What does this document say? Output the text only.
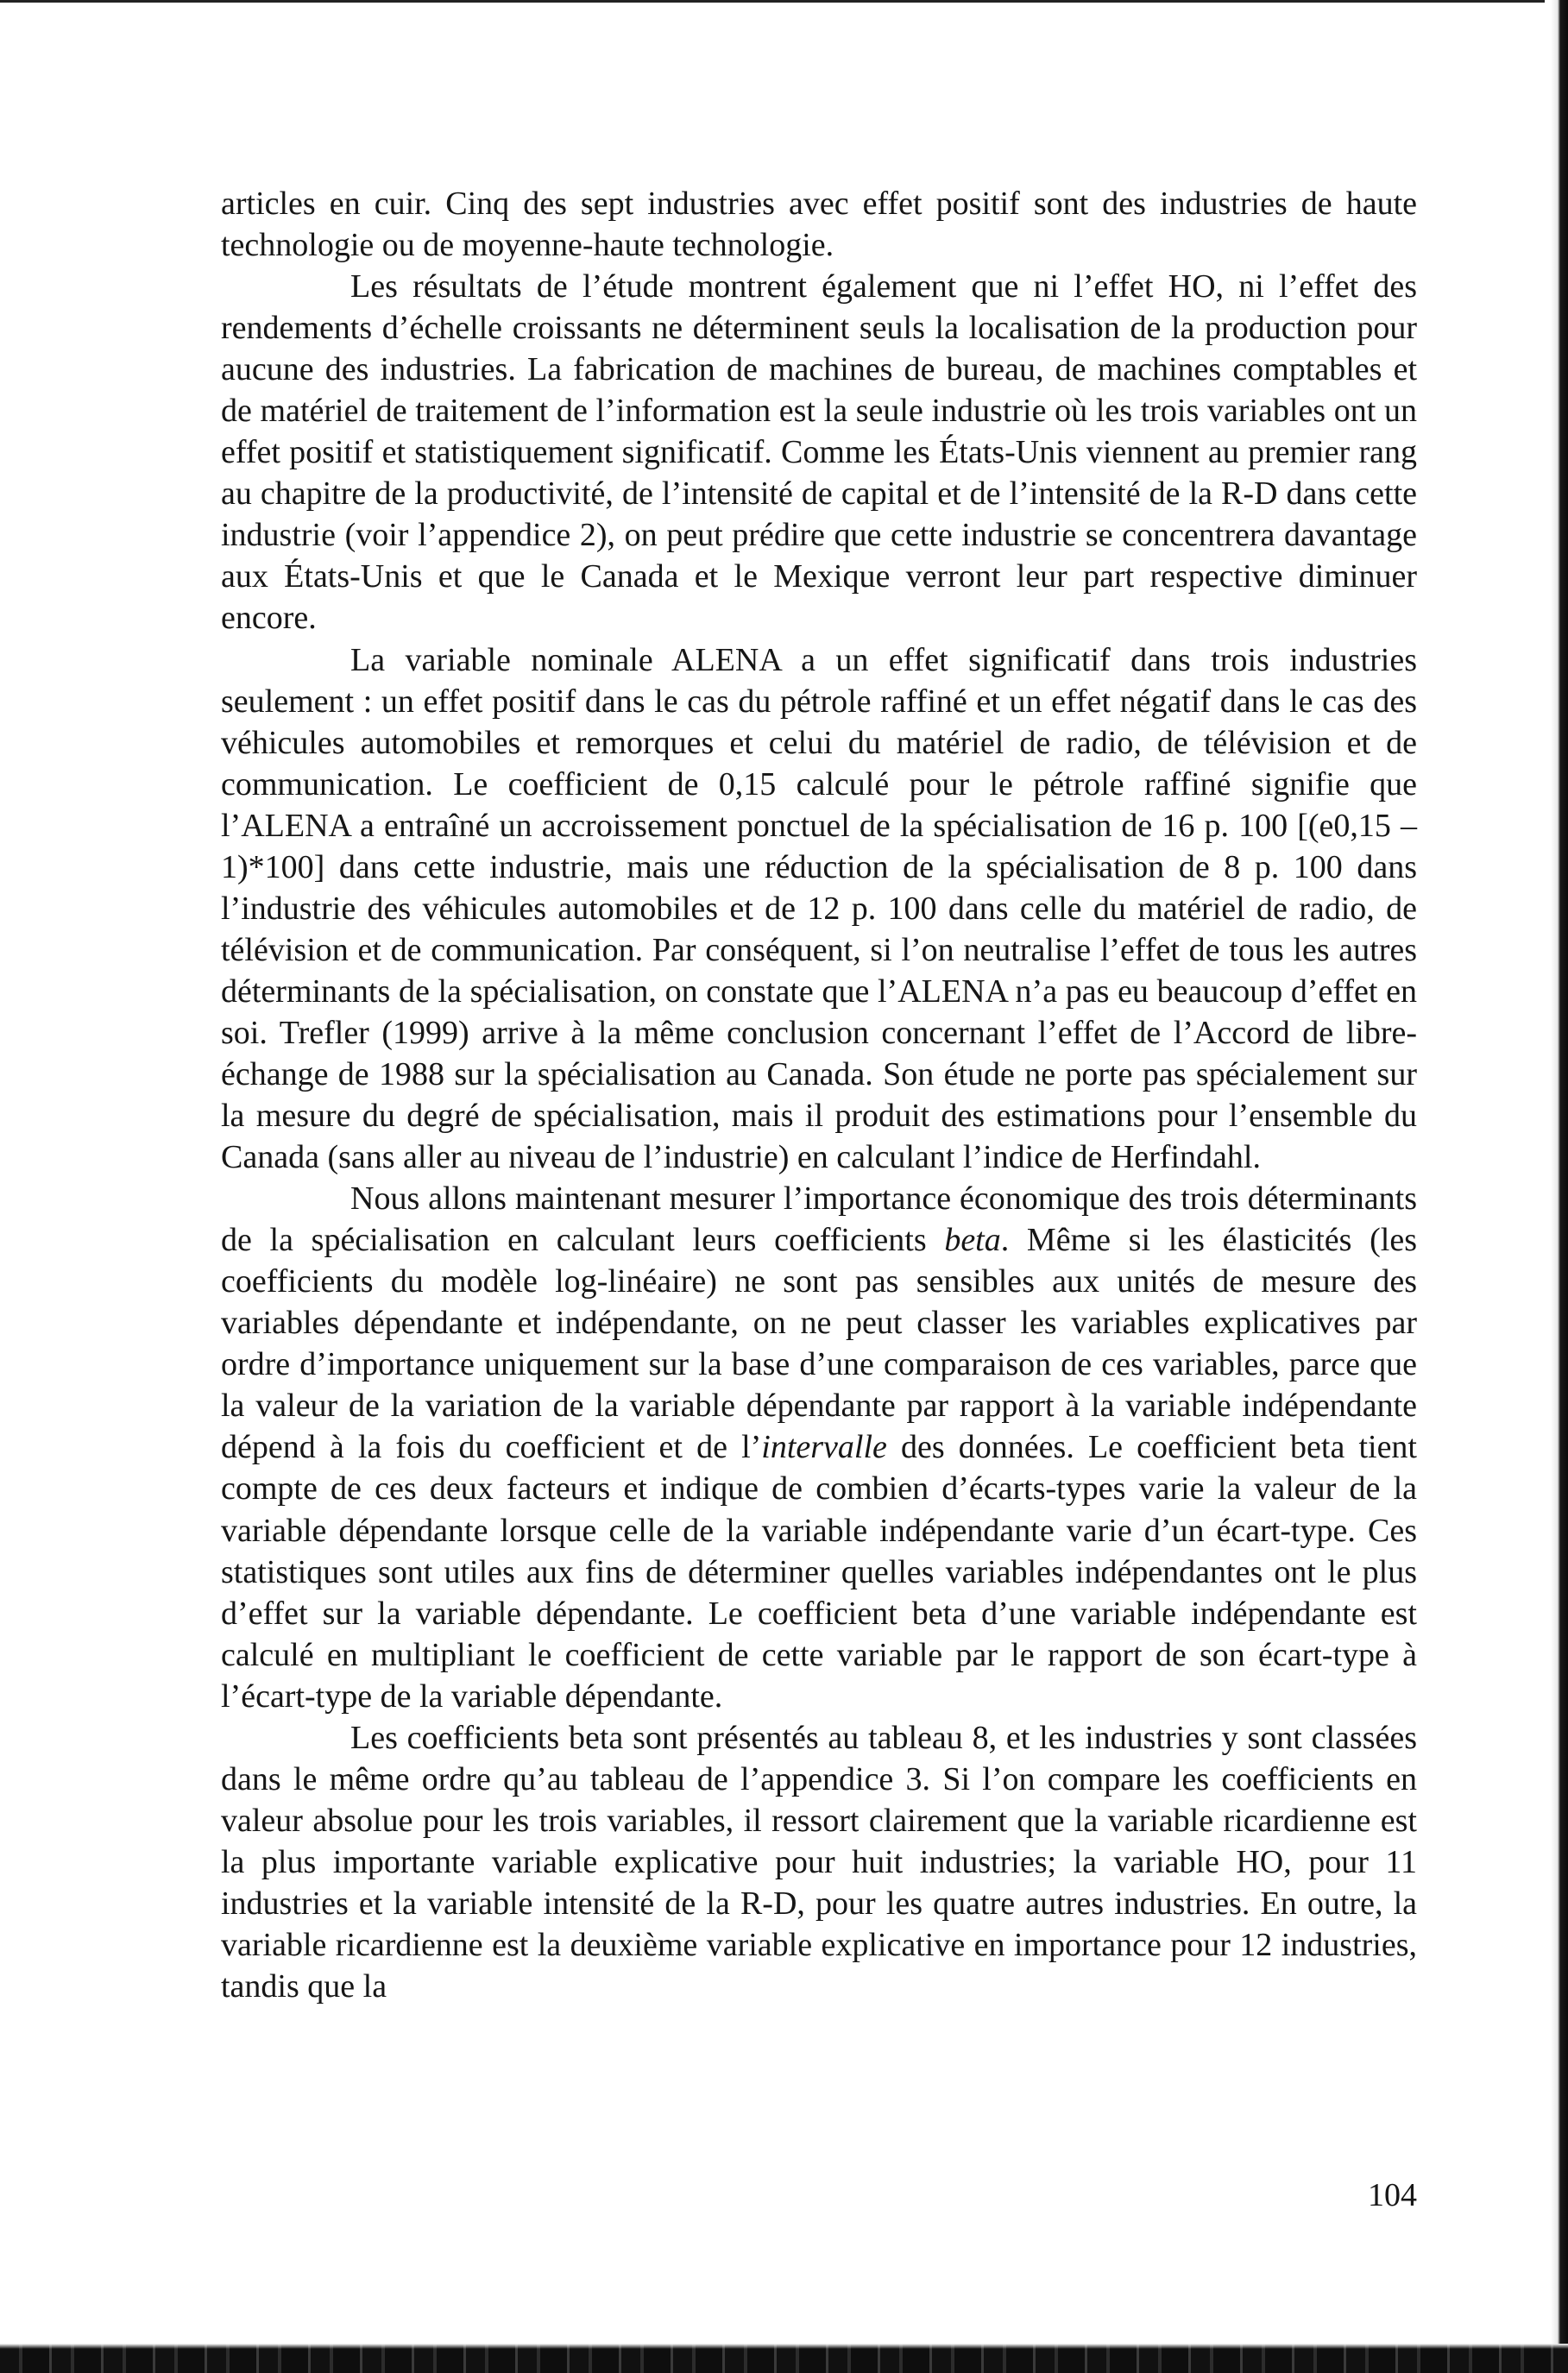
articles en cuir. Cinq des sept industries avec effet positif sont des industries de haute technologie ou de moyenne-haute technologie.

Les résultats de l’étude montrent également que ni l’effet HO, ni l’effet des rendements d’échelle croissants ne déterminent seuls la localisation de la production pour aucune des industries. La fabrication de machines de bureau, de machines comptables et de matériel de traitement de l’information est la seule industrie où les trois variables ont un effet positif et statistiquement significatif. Comme les États-Unis viennent au premier rang au chapitre de la productivité, de l’intensité de capital et de l’intensité de la R-D dans cette industrie (voir l’appendice 2), on peut prédire que cette industrie se concentrera davantage aux États-Unis et que le Canada et le Mexique verront leur part respective diminuer encore.

La variable nominale ALENA a un effet significatif dans trois industries seulement : un effet positif dans le cas du pétrole raffiné et un effet négatif dans le cas des véhicules automobiles et remorques et celui du matériel de radio, de télévision et de communication. Le coefficient de 0,15 calculé pour le pétrole raffiné signifie que l’ALENA a entraîné un accroissement ponctuel de la spécialisation de 16 p. 100 [(e0,15 – 1)*100] dans cette industrie, mais une réduction de la spécialisation de 8 p. 100 dans l’industrie des véhicules automobiles et de 12 p. 100 dans celle du matériel de radio, de télévision et de communication. Par conséquent, si l’on neutralise l’effet de tous les autres déterminants de la spécialisation, on constate que l’ALENA n’a pas eu beaucoup d’effet en soi. Trefler (1999) arrive à la même conclusion concernant l’effet de l’Accord de libre-échange de 1988 sur la spécialisation au Canada. Son étude ne porte pas spécialement sur la mesure du degré de spécialisation, mais il produit des estimations pour l’ensemble du Canada (sans aller au niveau de l’industrie) en calculant l’indice de Herfindahl.

Nous allons maintenant mesurer l’importance économique des trois déterminants de la spécialisation en calculant leurs coefficients beta. Même si les élasticités (les coefficients du modèle log-linéaire) ne sont pas sensibles aux unités de mesure des variables dépendante et indépendante, on ne peut classer les variables explicatives par ordre d’importance uniquement sur la base d’une comparaison de ces variables, parce que la valeur de la variation de la variable dépendante par rapport à la variable indépendante dépend à la fois du coefficient et de l’intervalle des données. Le coefficient beta tient compte de ces deux facteurs et indique de combien d’écarts-types varie la valeur de la variable dépendante lorsque celle de la variable indépendante varie d’un écart-type. Ces statistiques sont utiles aux fins de déterminer quelles variables indépendantes ont le plus d’effet sur la variable dépendante. Le coefficient beta d’une variable indépendante est calculé en multipliant le coefficient de cette variable par le rapport de son écart-type à l’écart-type de la variable dépendante.

Les coefficients beta sont présentés au tableau 8, et les industries y sont classées dans le même ordre qu’au tableau de l’appendice 3. Si l’on compare les coefficients en valeur absolue pour les trois variables, il ressort clairement que la variable ricardienne est la plus importante variable explicative pour huit industries; la variable HO, pour 11 industries et la variable intensité de la R-D, pour les quatre autres industries. En outre, la variable ricardienne est la deuxième variable explicative en importance pour 12 industries, tandis que la

104
